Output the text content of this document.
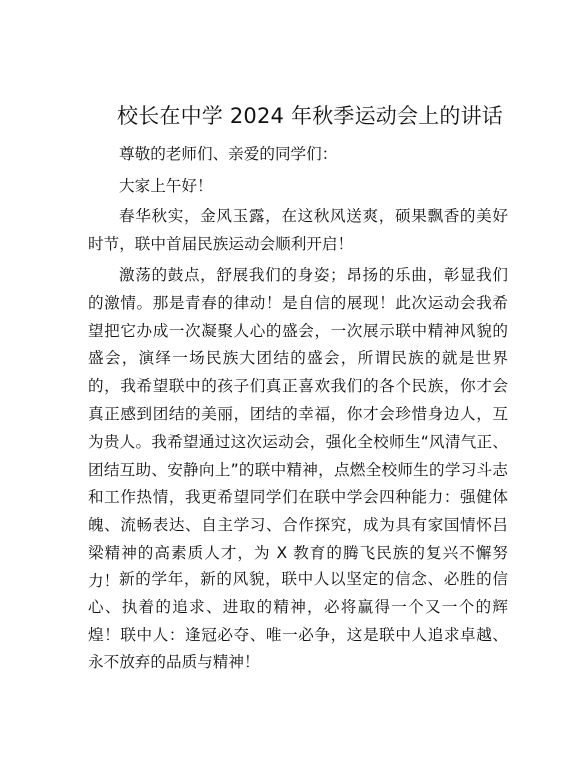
校长在中学 2024 年秋季运动会上的讲话
尊敬的老师们、亲爱的同学们：
大家上午好！
春华秋实，金风玉露，在这秋风送爽，硕果飘香的美好时节，联中首届民族运动会顺利开启！
激荡的鼓点，舒展我们的身姿；昂扬的乐曲，彰显我们的激情。那是青春的律动！是自信的展现！此次运动会我希望把它办成一次凝聚人心的盛会，一次展示联中精神风貌的盛会，演绎一场民族大团结的盛会，所谓民族的就是世界的，我希望联中的孩子们真正喜欢我们的各个民族，你才会真正感到团结的美丽，团结的幸福，你才会珍惜身边人，互为贵人。我希望通过这次运动会，强化全校师生“风清气正、团结互助、安静向上”的联中精神，点燃全校师生的学习斗志和工作热情，我更希望同学们在联中学会四种能力：强健体魄、流畅表达、自主学习、合作探究，成为具有家国情怀吕梁精神的高素质人才，为 X 教育的腾飞民族的复兴不懈努力！ 新的学年，新的风貌，联中人以坚定的信念、必胜的信心、执着的追求、进取的精神，必将赢得一个又一个的辉煌！联中人：逢冠必夺、唯一必争，这是联中人追求卓越、永不放弃的品质与精神！
